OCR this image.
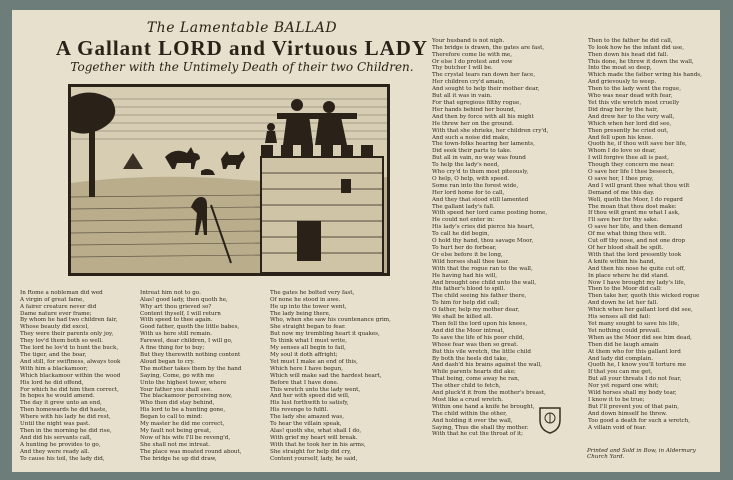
The Lamentable BALLAD
A Gallant LORD and Virtuous LADY
Together with the Untimely Death of their two Children.

In Rome a nobleman did wed
A virgin of great fame,
A fairer creature never did
Dame nature ever frame;
By whom he had two children fair,
Whose beauty did excel,
They were their parents only joy,
They lov'd them both so well.
The lord he lov'd to hunt the buck,
The tiger, and the boar,
And still, for swiftness, always took
With him a blackamoor;
Which blackamoor within the wood
His lord he did offend,
For which he did him then correct,
In hopes he would amend.
The day it grew unto an end,
Then homewards he did haste,
Where with his lady he did rest,
Until the night was past.
Then in the morning he did rise,
And did his servants call,
A hunting he provides to go,
And they were ready all.
To cause his toil, the lady did,

Intreat him not to go.
Alas! good lady, then quoth he,
Why art thou grieved so?
Content thyself, I will return
With speed to thee again.
Good father, quoth the little babes,
With us here still remain.
Farewel, dear children, I will go,
A fine thing for to buy;
But they therewith nothing content
Aloud began to cry.
The mother takes them by the hand
Saying, Come, go with me
Unto the highest tower, where
Your father you shall see.
The blackamoor perceiving now,
Who then did stay behind,
His lord to be a hunting gone,
Began to call to mind:
My master he did me correct,
My fault not being great,
Now of his wife I'll be reveng'd,
She shall not me intreat.
The place was moated round about,
The bridge he up did draw,

The gates he bolted very fast,
Of none he stood in awe.
He up into the tower went,
The lady being there,
Who, when she saw his countenance grim,
She straight began to fear.
But now my trembling heart it quakes,
To think what I must write,
My senses all begin to fail,
My soul it doth affright;
Yet must I make an end of this,
Which here I have begun,
Which will make sad the hardest heart,
Before that I have done.
This wretch unto the lady went,
And her with speed did will,
His lust forthwith to satisfy,
His revenge to fulfil.
The lady she amazed was,
To hear the villain speak,
Alas! quoth she, what shall I do,
With grief my heart will break.
With that he took her in his arms,
She straight for help did cry,
Content yourself, lady, he said,

Your husband is not nigh.
The bridge is drawn, the gates are fast,
Therefore come lie with me,
Or else I do protest and vow
Thy butcher I will be.
The crystal tears ran down her face,
Her children cry'd amain,
And sought to help their mother dear,
But all it was in vain.
For that egregious filthy rogue,
Her hands behind her bound,
And then by force with all his might
He threw her on the ground.
With that she shrieks, her children cry'd,
And such a noise did make,
The town-folks hearing her laments,
Did seek their parts to take.
But all in vain, no way was found
To help the lady's need,
Who cry'd to them most piteously,
O help, O help, with speed.
Some ran into the forest wide,
Her lord home for to call,
And they that stood still lamented
The gallant lady's fall.
With speed her lord came posting home,
He could not enter in:
His lady's cries did pierce his heart,
To call he did begin,
O hold thy hand, thou savage Moor,
To hurt her do forbear,
Or else before it be long,
Wild horses shall thee tear.
With that the rogue ran to the wall,
He having had his will,
And brought one child unto the wall,
His father's blood to spill.
The child seeing his father there,
To him for help did call;
O father, help my mother dear,
We shall be killed all.
Then fell the lord upon his knees,
And did the Moor intreat,
To save the life of his poor child,
Whose fear was then so great.
But this vile wretch, the little child
By both the heels did take,
And dash'd his brains against the wall,
While parents hearts did ake;
That being, come away he ran,
The other child to fetch,
And pluck'd it from the mother's breast,
Most like a cruel wretch.
Within one hand a knife he brought,
The child within the other,
And holding it over the wall,
Saying, Thus die shall thy mother.
With that he cut the throat of it;

Then to the father he did call,
To look how he the infant did use,
Then down his head did fall.
This done, he threw it down the wall,
Into the moat so deep,
Which made the father wring his hands,
And grievously to weep.
Then to the lady went the rogue,
Who was near dead with fear,
Yet this vile wretch most cruelly
Did drag her by the hair,
And drew her to the very wall,
Which when her lord did see,
Then presently he cried out,
And fell upon his knee.
Quoth he, if thou wilt save her life,
Whom I do love so dear,
I will forgive thee all is past,
Though they concern me near.
O save her life I thee beseech,
O save her, I thee pray,
And I will grant thee what thou wilt
Demand of me this day.
Well, quoth the Moor, I do regard
The moan that thou dost make:
If thou wilt grant me what I ask,
I'll save her for thy sake.
O save her life, and then demand
Of me what thing thou wilt.
Cut off thy nose, and not one drop
Of her blood shall be spilt.
With that the lord presently took
A knife within his hand,
And then his nose he quite cut off,
In place where he did stand.
Now I have brought my lady's life,
Then to the Moor did call:
Then take her, quoth this wicked rogue
And down he let her fall.
Which when her gallant lord did see,
His senses all did fail:
Yet many sought to save his life,
Yet nothing could prevail.
When as the Moor did see him dead,
Then did he laugh amain
At them who for this gallant lord
And lady did complain.
Quoth he, I know you'll torture me
If that you can me get,
But all your threats I do not fear,
Nor yet regard one whit;
Wild horses shall my body tear,
I know it to be true;
But I'll prevent you of that pain,
And down himself he threw.
Too good a death for such a wretch,
A villain void of fear.

Printed and Sold in Bow, in Aldermary Church Yard.
